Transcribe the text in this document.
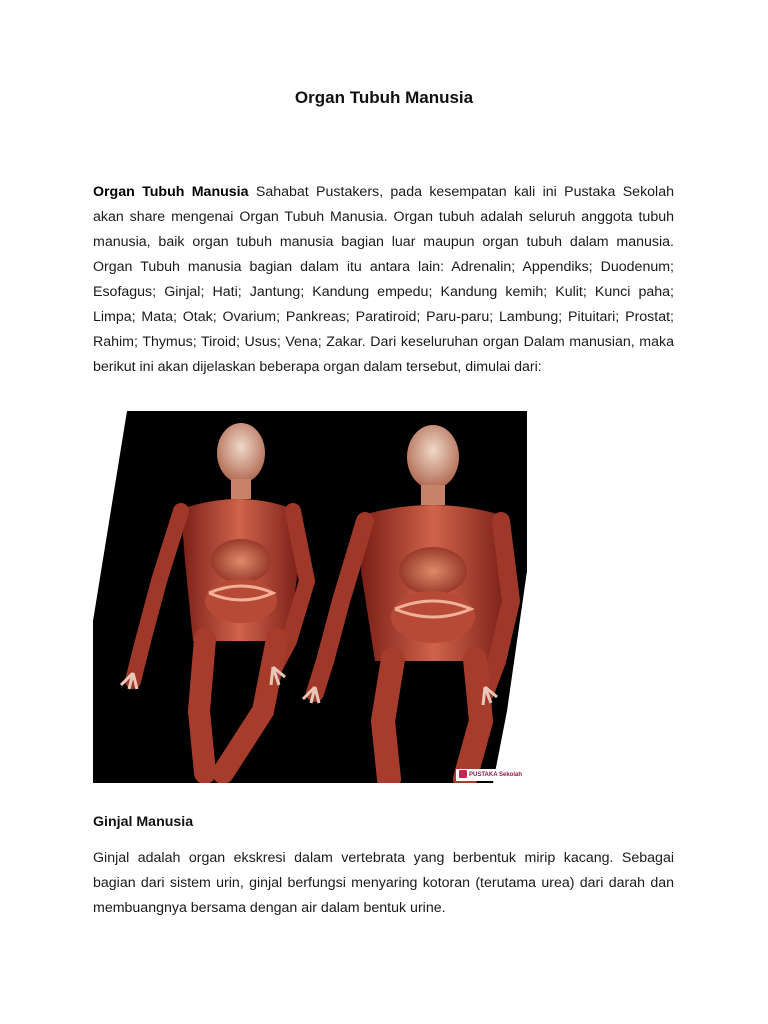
Organ Tubuh Manusia

Organ Tubuh Manusia Sahabat Pustakers, pada kesempatan kali ini Pustaka Sekolah akan share mengenai Organ Tubuh Manusia. Organ tubuh adalah seluruh anggota tubuh manusia, baik organ tubuh manusia bagian luar maupun organ tubuh dalam manusia. Organ Tubuh manusia bagian dalam itu antara lain: Adrenalin; Appendiks; Duodenum; Esofagus; Ginjal; Hati; Jantung; Kandung empedu; Kandung kemih; Kulit; Kunci paha; Limpa; Mata; Otak; Ovarium; Pankreas; Paratiroid; Paru-paru; Lambung; Pituitari; Prostat; Rahim; Thymus; Tiroid; Usus; Vena; Zakar. Dari keseluruhan organ Dalam manusian, maka berikut ini akan dijelaskan beberapa organ dalam tersebut, dimulai dari:

PUSTAKA Sekolah
Ginjal Manusia

Ginjal adalah organ ekskresi dalam vertebrata yang berbentuk mirip kacang. Sebagai bagian dari sistem urin, ginjal berfungsi menyaring kotoran (terutama urea) dari darah dan membuangnya bersama dengan air dalam bentuk urine.
